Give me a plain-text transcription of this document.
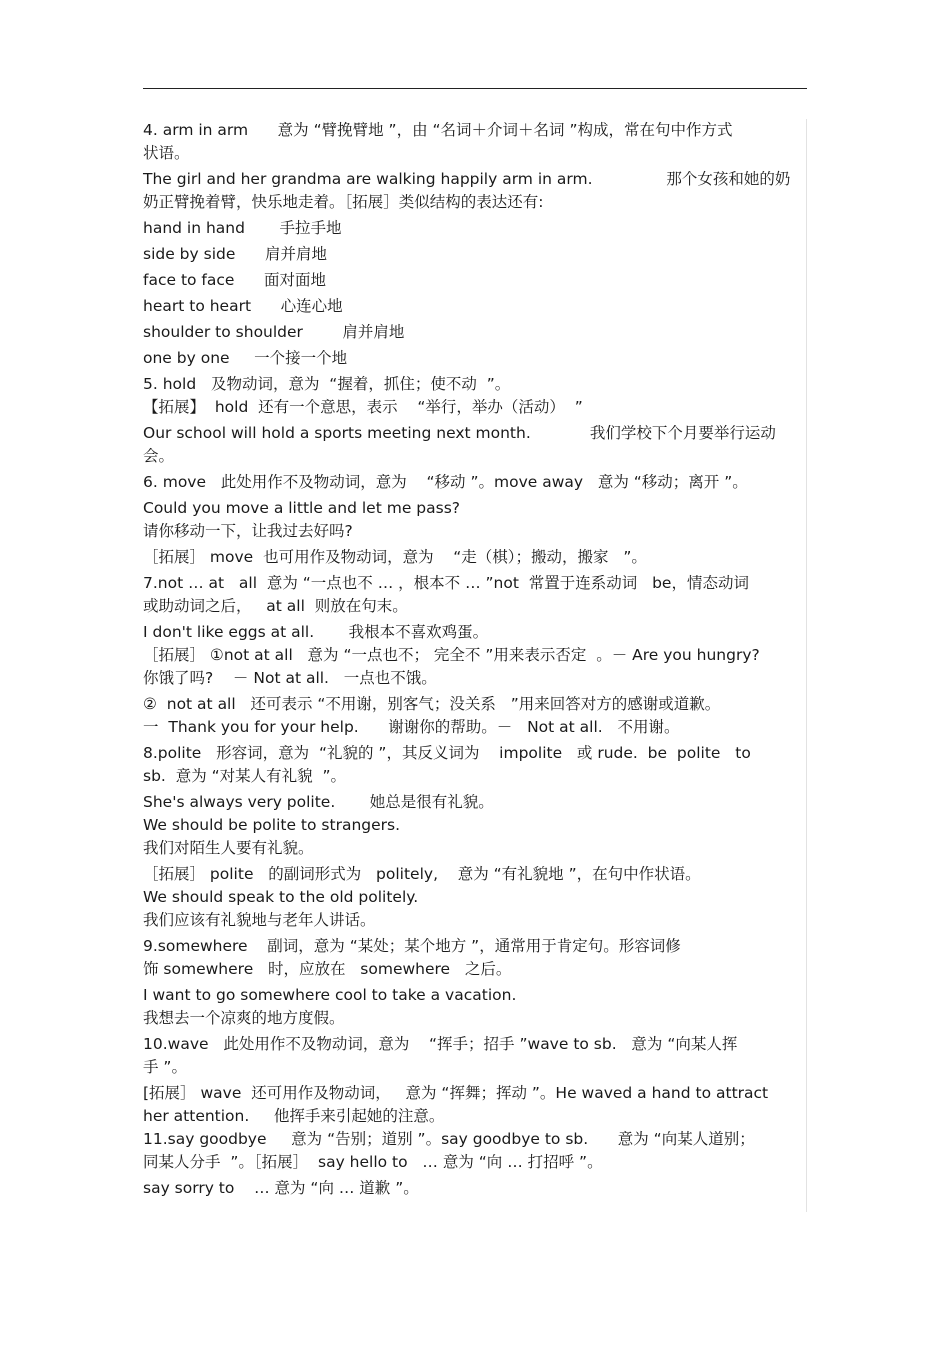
4. arm in arm      意为 “臂挽臂地 ”，由 “名词＋介词＋名词 ”构成，常在句中作方式
状语。
The girl and her grandma are walking happily arm in arm.               那个女孩和她的奶
奶正臂挽着臂，快乐地走着。［拓展］类似结构的表达还有:
hand in hand       手拉手地
side by side      肩并肩地
face to face      面对面地
heart to heart      心连心地
shoulder to shoulder        肩并肩地
one by one     一个接一个地
5. hold   及物动词，意为  “握着，抓住；使不动  ”。
【拓展】  hold  还有一个意思，表示    “举行，举办（活动）  ”
Our school will hold a sports meeting next month.            我们学校下个月要举行运动
会。
6. move   此处用作不及物动词，意为    “移动 ”。move away   意为 “移动；离开 ”。
Could you move a little and let me pass?
请你移动一下，让我过去好吗?
［拓展］ move  也可用作及物动词，意为    “走（棋）；搬动，搬家   ”。
7.not … at   all  意为 “一点也不 … ，根本不 … ”not  常置于连系动词   be，情态动词
或助动词之后，   at all  则放在句末。
I don't like eggs at all.       我根本不喜欢鸡蛋。
［拓展］ ①not at all   意为 “一点也不； 完全不 ”用来表示否定  。－ Are you hungry?
你饿了吗?    － Not at all.   一点也不饿。
②  not at all   还可表示 “不用谢，别客气；没关系   ”用来回答对方的感谢或道歉。
一  Thank you for your help.      谢谢你的帮助。－   Not at all.   不用谢。
8.polite   形容词，意为  “礼貌的 ”，其反义词为    impolite   或 rude.  be  polite   to
sb.  意为 “对某人有礼貌  ”。
She's always very polite.       她总是很有礼貌。
We should be polite to strangers.
我们对陌生人要有礼貌。
［拓展］ polite   的副词形式为   politely,    意为 “有礼貌地 ”，在句中作状语。
We should speak to the old politely.
我们应该有礼貌地与老年人讲话。
9.somewhere    副词，意为 “某处；某个地方 ”，通常用于肯定句。形容词修
饰 somewhere   时，应放在   somewhere   之后。
I want to go somewhere cool to take a vacation.
我想去一个凉爽的地方度假。
10.wave   此处用作不及物动词，意为    “挥手；招手 ”wave to sb.   意为 “向某人挥
手 ”。
[拓展］ wave  还可用作及物动词，   意为 “挥舞；挥动 ”。He waved a hand to attract
her attention.     他挥手来引起她的注意。
11.say goodbye     意为 “告别；道别 ”。say goodbye to sb.      意为 “向某人道别；
同某人分手  ”。［拓展］  say hello to   … 意为 “向 … 打招呼 ”。
say sorry to    … 意为 “向 … 道歉 ”。
